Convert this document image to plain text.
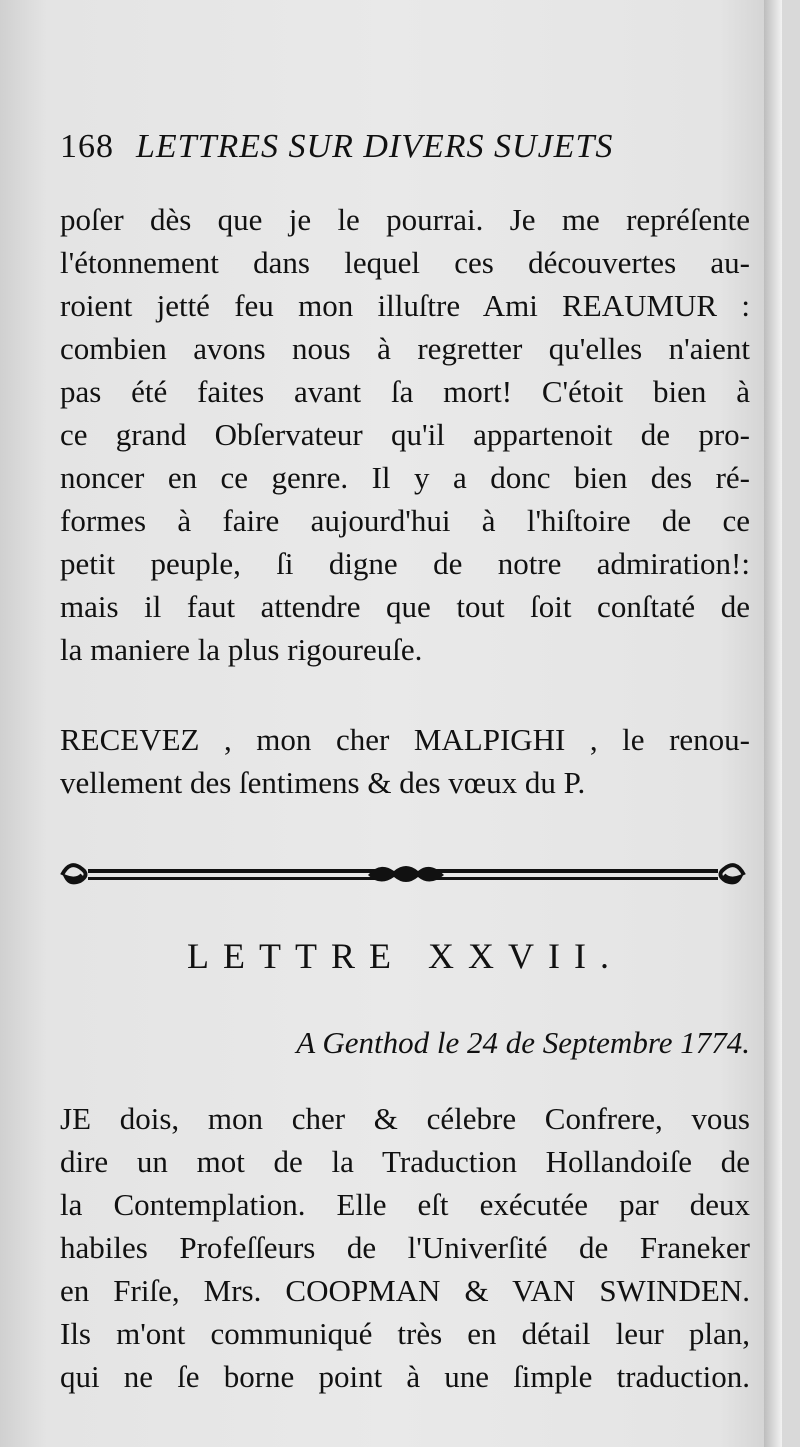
168 LETTRES SUR DIVERS SUJETS
poſer dès que je le pourrai. Je me repréſente
l'étonnement dans lequel ces découvertes au-
roient jetté feu mon illuſtre Ami REAUMUR :
combien avons nous à regretter qu'elles n'aient
pas été faites avant ſa mort! C'étoit bien à
ce grand Obſervateur qu'il appartenoit de pro-
noncer en ce genre. Il y a donc bien des ré-
formes à faire aujourd'hui à l'hiſtoire de ce
petit peuple, ſi digne de notre admiration!:
mais il faut attendre que tout ſoit conſtaté de
la maniere la plus rigoureuſe.
RECEVEZ , mon cher MALPIGHI , le renou-
vellement des ſentimens & des vœux du P.
LETTRE XXVII.
A Genthod le 24 de Septembre 1774.
JE dois, mon cher & célebre Confrere, vous
dire un mot de la Traduction Hollandoiſe de
la Contemplation. Elle eſt exécutée par deux
habiles Profeſſeurs de l'Univerſité de Franeker
en Friſe, Mrs. COOPMAN & VAN SWINDEN.
Ils m'ont communiqué très en détail leur plan,
qui ne ſe borne point à une ſimple traduction.
